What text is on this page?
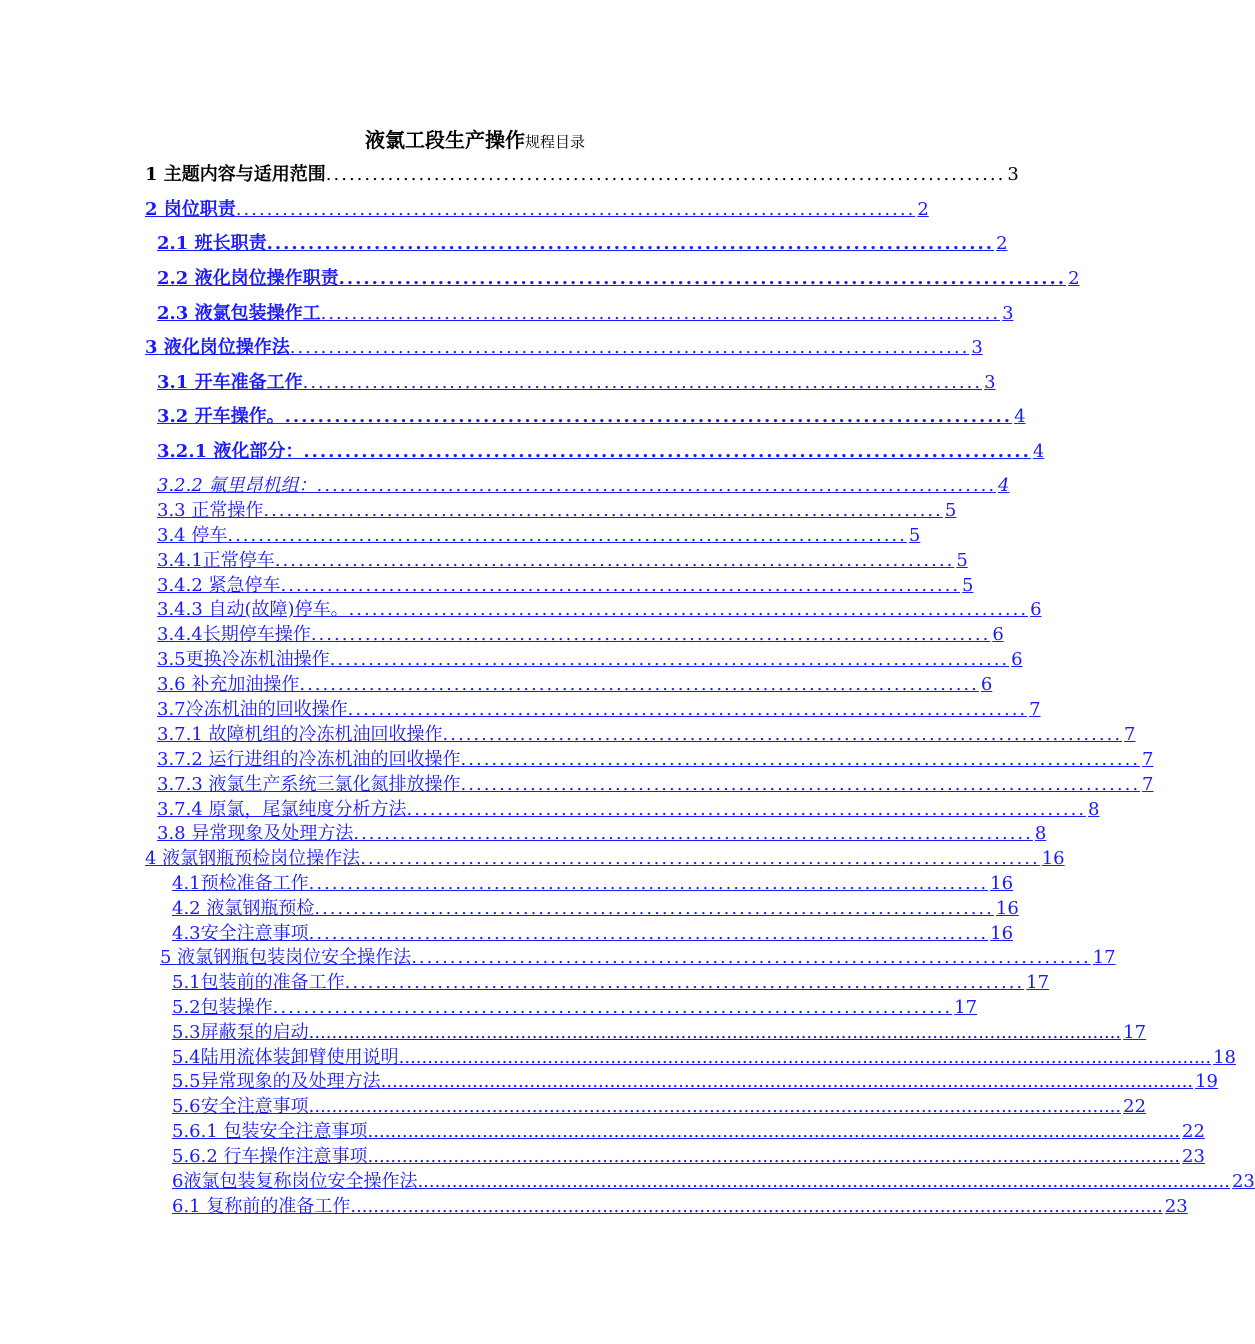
液氯工段生产操作规程目录
1 主题内容与适用范围 ........................................................................................ 3
2 岗位职责 ........................................................................................ 2
2.1 班长职责 ........................................................................................ 2
2.2 液化岗位操作职责 ........................................................................................ 2
2.3 液氯包装操作工 ........................................................................................ 3
3 液化岗位操作法 ........................................................................................ 3
3.1 开车准备工作 ........................................................................................ 3
3.2 开车操作。 ........................................................................................ 4
3.2.1 液化部分： ........................................................................................ 4
3.2.2 氟里昂机组： ........................................................................................ 4
3.3 正常操作 ........................................................................................ 5
3.4 停车 ........................................................................................ 5
3.4.1正常停车 ........................................................................................ 5
3.4.2 紧急停车 ........................................................................................ 5
3.4.3 自动(故障)停车。 ........................................................................................ 6
3.4.4长期停车操作 ........................................................................................ 6
3.5更换冷冻机油操作 ........................................................................................ 6
3.6 补充加油操作 ........................................................................................ 6
3.7冷冻机油的回收操作 ........................................................................................ 7
3.7.1 故障机组的冷冻机油回收操作 ........................................................................................ 7
3.7.2 运行进组的冷冻机油的回收操作 ........................................................................................ 7
3.7.3 液氯生产系统三氯化氮排放操作 ........................................................................................ 7
3.7.4 原氯，尾氯纯度分析方法 ........................................................................................ 8
3.8 异常现象及处理方法 ........................................................................................ 8
4 液氯钢瓶预检岗位操作法 ........................................................................................ 16
4.1预检准备工作 ........................................................................................ 16
4.2 液氯钢瓶预检 ........................................................................................ 16
4.3安全注意事项 ........................................................................................ 16
5 液氯钢瓶包装岗位安全操作法 ........................................................................................ 17
5.1包装前的准备工作 ........................................................................................ 17
5.2包装操作 ........................................................................................ 17
5.3屏蔽泵的启动 .............................................................................................................................................. 17
5.4陆用流体装卸臂使用说明 .............................................................................................................................................. 18
5.5异常现象的及处理方法 .............................................................................................................................................. 19
5.6安全注意事项 .............................................................................................................................................. 22
5.6.1 包装安全注意事项 .............................................................................................................................................. 22
5.6.2 行车操作注意事项 .............................................................................................................................................. 23
6液氯包装复称岗位安全操作法 .............................................................................................................................................. 23
6.1 复称前的准备工作 .............................................................................................................................................. 23
